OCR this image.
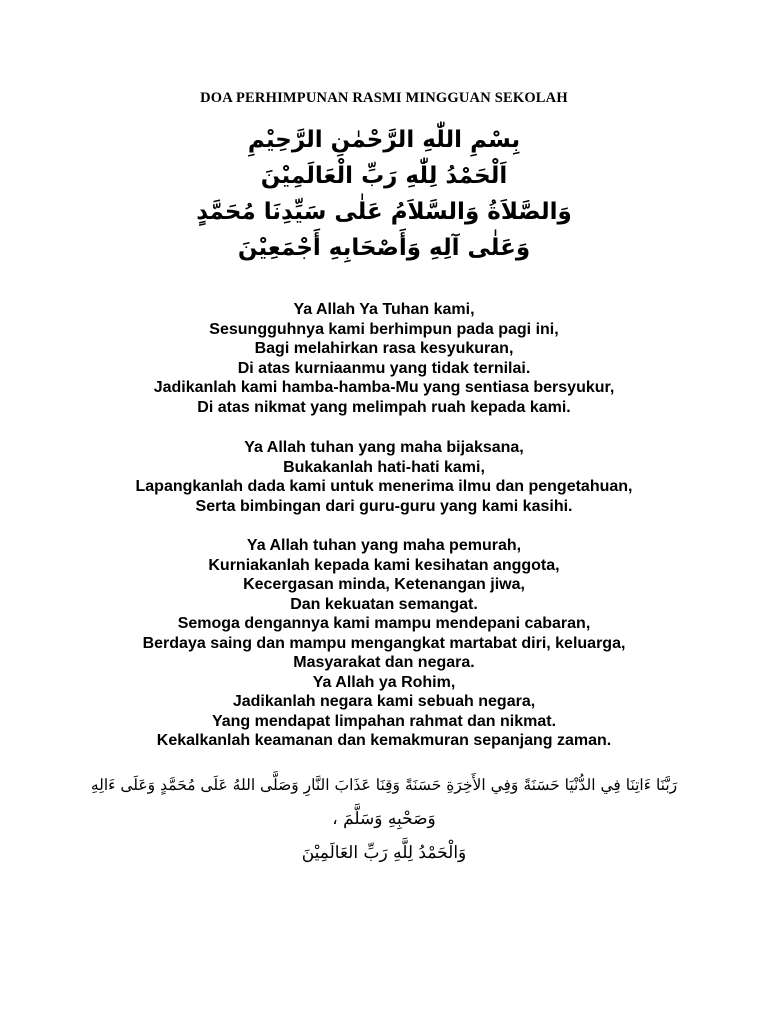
DOA PERHIMPUNAN RASMI MINGGUAN SEKOLAH
بِسْمِ اللّٰهِ الرَّحْمٰنِ الرَّحِيْمِ
اَلْحَمْدُ لِلّٰهِ رَبِّ الْعَالَمِيْنَ
وَالصَّلاَةُ وَالسَّلاَمُ عَلٰى سَيِّدِنَا مُحَمَّدٍ
وَعَلٰى آلِهِ وَأَصْحَابِهِ أَجْمَعِيْنَ
Ya Allah Ya Tuhan kami,
Sesungguhnya kami berhimpun pada pagi ini,
Bagi melahirkan rasa kesyukuran,
Di atas kurniaanmu yang tidak ternilai.
Jadikanlah kami hamba-hamba-Mu yang sentiasa bersyukur,
Di atas nikmat yang melimpah ruah kepada kami.
Ya Allah tuhan yang maha bijaksana,
Bukakanlah hati-hati kami,
Lapangkanlah dada kami untuk menerima ilmu dan pengetahuan,
Serta bimbingan dari guru-guru yang kami kasihi.
Ya Allah tuhan yang maha pemurah,
Kurniakanlah kepada kami kesihatan anggota,
Kecergasan minda, Ketenangan jiwa,
Dan kekuatan semangat.
Semoga dengannya kami mampu mendepani cabaran,
Berdaya saing dan mampu mengangkat martabat diri, keluarga,
Masyarakat dan negara.
Ya Allah ya Rohim,
Jadikanlah negara kami sebuah negara,
Yang mendapat limpahan rahmat dan nikmat.
Kekalkanlah keamanan dan kemakmuran sepanjang zaman.
رَبَّنَا ءَاتِنَا فِي الدُّنْيَا حَسَنَةً وَفِي الأَخِرَةِ حَسَنَةً وَقِنَا عَذَابَ النَّارِ وَصَلَّى اللهُ عَلَى مُحَمَّدٍ وَعَلَى ءَالِهِ
وَصَحْبِهِ وَسَلَّمَ ،
وَالْحَمْدُ لِلَّهِ رَبِّ العَالَمِيْنَ
